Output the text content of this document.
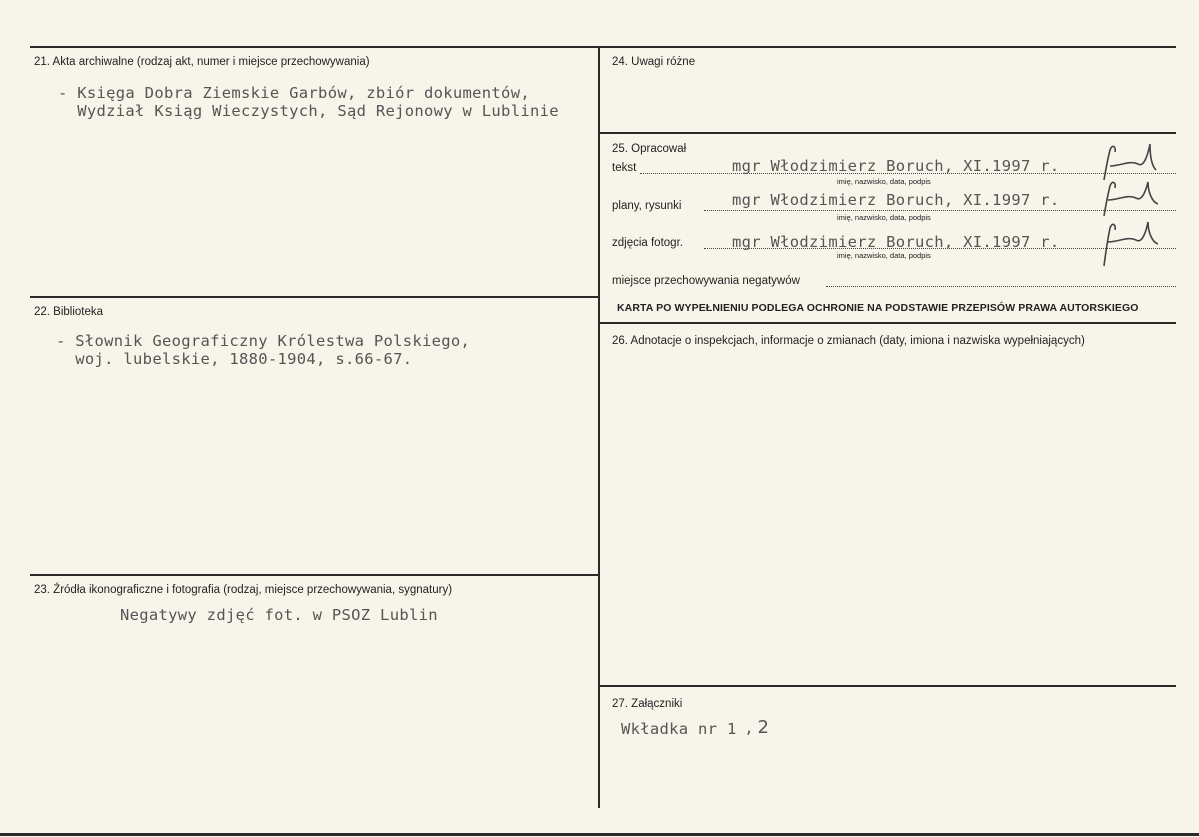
21. Akta archiwalne (rodzaj akt, numer i miejsce przechowywania)
- Księga Dobra Ziemskie Garbów, zbiór dokumentów,
Wydział Ksiąg Wieczystych, Sąd Rejonowy w Lublinie
22. Biblioteka
- Słownik Geograficzny Królestwa Polskiego,
woj. lubelskie, 1880-1904, s.66-67.
23. Źródła ikonograficzne i fotografia (rodzaj, miejsce przechowywania, sygnatury)
Negatywy zdjęć fot. w PSOZ Lublin
24. Uwagi różne
25. Opracował
tekst	mgr Włodzimierz Boruch, XI.1997 r.
imię, nazwisko, data, podpis
plany, rysunki	mgr Włodzimierz Boruch, XI.1997 r.
imię, nazwisko, data, podpis
zdjęcia fotogr.	mgr Włodzimierz Boruch, XI.1997 r.
imię, nazwisko, data, podpis
miejsce przechowywania negatywów
KARTA PO WYPEŁNIENIU PODLEGA OCHRONIE NA PODSTAWIE PRZEPISÓW PRAWA AUTORSKIEGO
26. Adnotacje o inspekcjach, informacje o zmianach (daty, imiona i nazwiska wypełniających)
27. Załączniki
Wkładka nr 1 , 2
